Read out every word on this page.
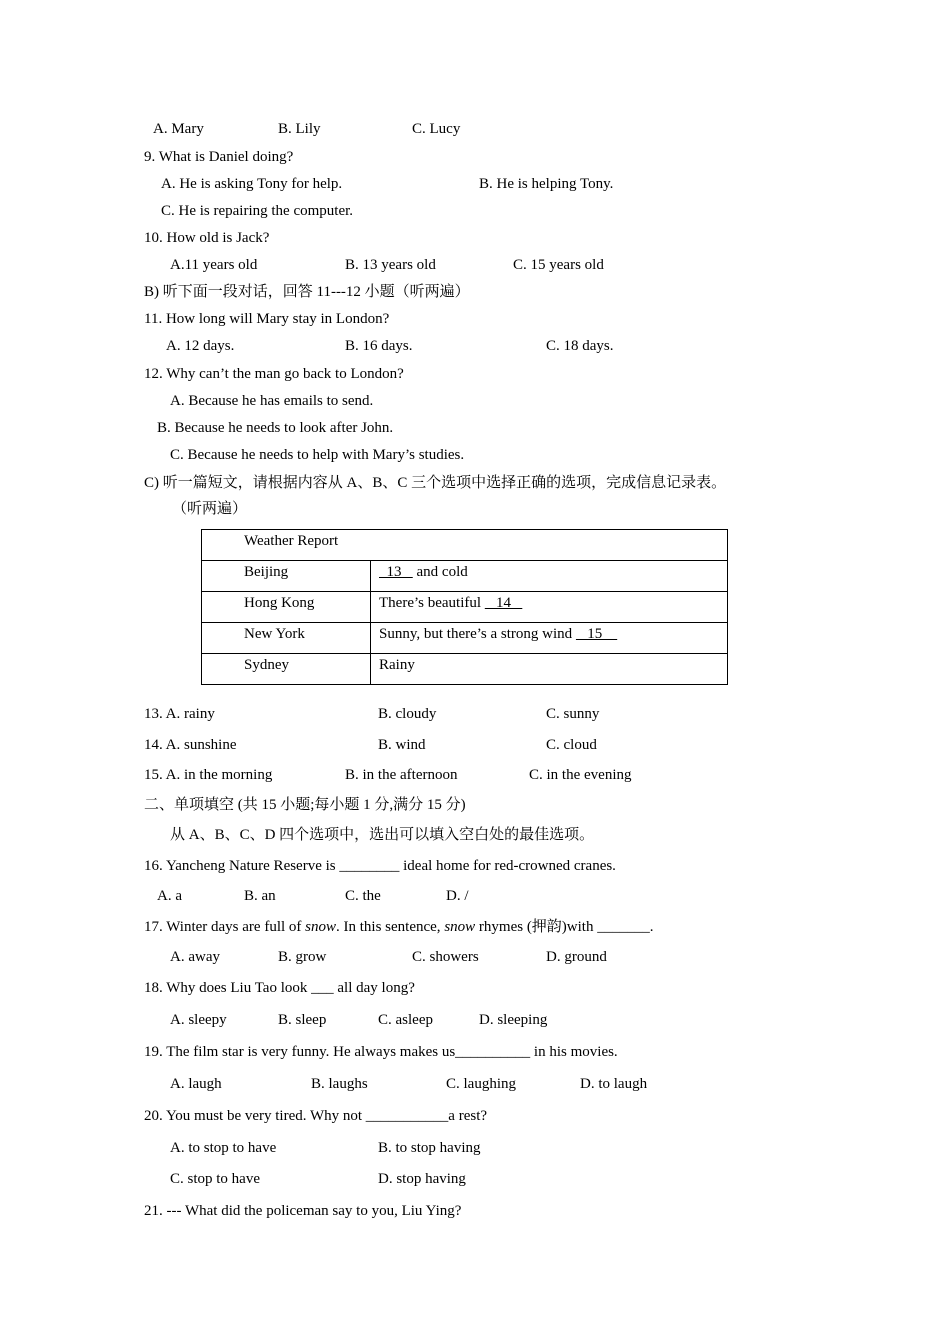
A. Mary	B. Lily	C. Lucy
9. What is Daniel doing?
A. He is asking Tony for help.	B. He is helping Tony.
C. He is repairing the computer.
10. How old is Jack?
A.11 years old	B. 13 years old	C. 15 years old
B) 听下面一段对话，回答 11---12 小题（听两遍）
11. How long will Mary stay in London?
A. 12 days.	B. 16 days.	C. 18 days.
12. Why can’t the man go back to London?
A. Because he has emails to send.
B. Because he needs to look after John.
C. Because he needs to help with Mary’s studies.
C) 听一篇短文，请根据内容从 A、B、C 三个选项中选择正确的选项，完成信息记录表。
（听两遍）
Weather Report	
Beijing	13    and cold
Hong Kong	There’s beautiful    14
New York	Sunny, but there’s a strong wind    15
Sydney	Rainy
13. A. rainy	B. cloudy	C. sunny
14. A. sunshine	B. wind	C. cloud
15. A. in the morning	B. in the afternoon	C. in the evening
二、单项填空 (共 15 小题;每小题 1 分,满分 15 分)
从 A、B、C、D 四个选项中，选出可以填入空白处的最佳选项。
16. Yancheng Nature Reserve is ________ ideal home for red-crowned cranes.
A. a	B. an	C. the	D. /
17. Winter days are full of snow. In this sentence, snow rhymes (押韵)with _______.
A. away	B. grow	C. showers	D. ground
18. Why does Liu Tao look ___ all day long?
A. sleepy	B. sleep	C. asleep	D. sleeping
19. The film star is very funny. He always makes us__________ in his movies.
A. laugh	B. laughs	C. laughing	D. to laugh
20. You must be very tired. Why not ___________a rest?
A. to stop to have	B. to stop having
C. stop to have	D. stop having
21. --- What did the policeman say to you, Liu Ying?
